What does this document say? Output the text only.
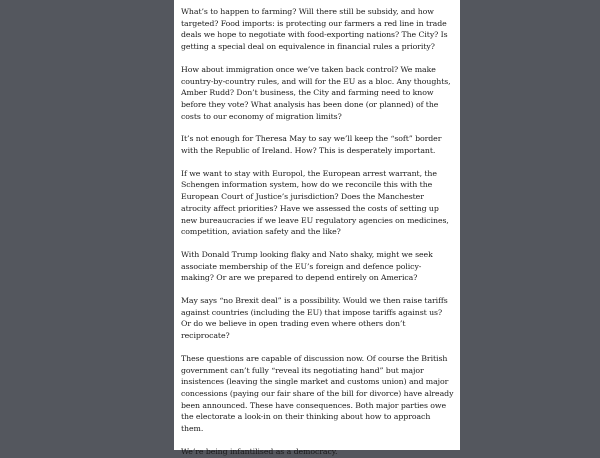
What’s to happen to farming? Will there still be subsidy, and how targeted? Food imports: is protecting our farmers a red line in trade deals we hope to negotiate with food-exporting nations? The City? Is getting a special deal on equivalence in financial rules a priority?

How about immigration once we’ve taken back control? We make country-by-country rules, and will for the EU as a bloc. Any thoughts, Amber Rudd? Don’t business, the City and farming need to know before they vote? What analysis has been done (or planned) of the costs to our economy of migration limits?

It’s not enough for Theresa May to say we’ll keep the “soft” border with the Republic of Ireland. How? This is desperately important.

If we want to stay with Europol, the European arrest warrant, the Schengen information system, how do we reconcile this with the European Court of Justice’s jurisdiction? Does the Manchester atrocity affect priorities? Have we assessed the costs of setting up new bureaucracies if we leave EU regulatory agencies on medicines, competition, aviation safety and the like?

With Donald Trump looking flaky and Nato shaky, might we seek associate membership of the EU’s foreign and defence policy-making? Or are we prepared to depend entirely on America?

May says “no Brexit deal” is a possibility. Would we then raise tariffs against countries (including the EU) that impose tariffs against us? Or do we believe in open trading even where others don’t reciprocate?

These questions are capable of discussion now. Of course the British government can’t fully “reveal its negotiating hand” but major insistences (leaving the single market and customs union) and major concessions (paying our fair share of the bill for divorce) have already been announced. These have consequences. Both major parties owe the electorate a look-in on their thinking about how to approach them.

We’re being infantilised as a democracy.
